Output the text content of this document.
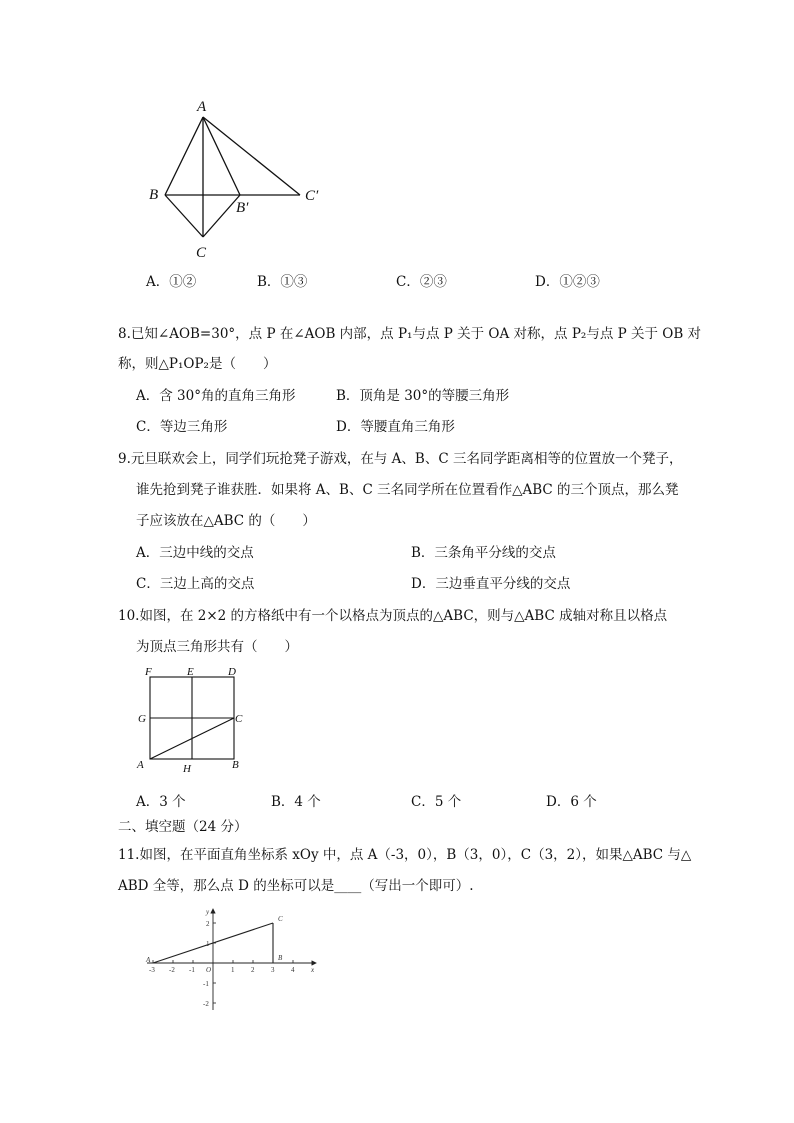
A
B
B′
C′
C
A．①②	B．①③	C．②③	D．①②③
8.已知∠AOB=30°，点 P 在∠AOB 内部，点 P₁与点 P 关于 OA 对称，点 P₂与点 P 关于 OB 对
称，则△P₁OP₂是（　　）
A．含 30°角的直角三角形	B．顶角是 30°的等腰三角形
C．等边三角形	D．等腰直角三角形
9.元旦联欢会上，同学们玩抢凳子游戏，在与 A、B、C 三名同学距离相等的位置放一个凳子，
谁先抢到凳子谁获胜．如果将 A、B、C 三名同学所在位置看作△ABC 的三个顶点，那么凳
子应该放在△ABC 的（　　）
A．三边中线的交点	B．三条角平分线的交点
C．三边上高的交点	D．三边垂直平分线的交点
10.如图，在 2×2 的方格纸中有一个以格点为顶点的△ABC，则与△ABC 成轴对称且以格点
为顶点三角形共有（　　）
F	E	D
G	C
A	H	B
A．3 个	B．4 个	C．5 个	D．6 个
二、填空题（24 分）
11.如图，在平面直角坐标系 xOy 中，点 A（-3，0），B（3，0），C（3，2），如果△ABC 与△
ABD 全等，那么点 D 的坐标可以是____（写出一个即可）.
-3 -2 -1 O	1 2 3 4 x
y
2
1
-1
-2
A	B
C
